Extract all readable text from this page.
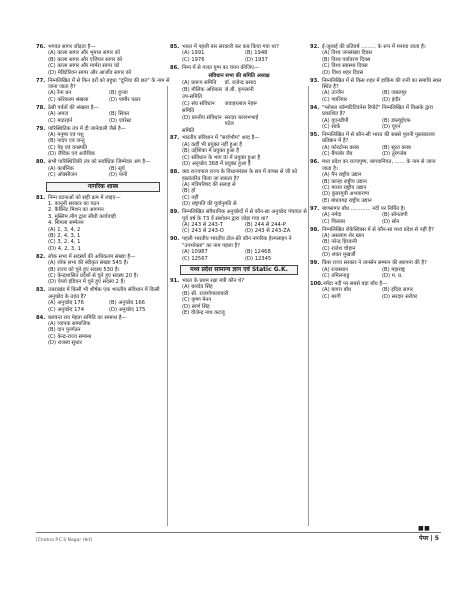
76. भगवत सागर जोड़ता है—
(A) काला सागर और भूमध्य सागर को
(B) काला सागर और एजियन सागर को
(C) काला सागर और मार्मरा सागर को
(D) मेडिटेरियन सागर और आर्जोव सागर को
77. निम्नलिखित में से किन दर्रो को बहुधा "दुनिया की छत" के नाम से जाना जाता है?
(A) रैना धन	(B) हुन्जा
(C) कोरेकरम श्रंखला	(D) पामीर पठार
78. ठेसी पर्वतों की श्रंखला है—
(A) अमज़	(B) सिकर
(C) माटरहर्न	(D) एवरेस्ट
79. पारिस्थितिक तंत्र में दी जानेवाली जैसे है—
(A) मनुष्य एवं पशु
(B) पादप एवं जन्तु
(C) पेड़ एवं वनस्पति
(D) जैविक एवं अजैविक
80. सभी पारिस्थितिकी तंत्र को सर्वाधिक जिम्मेदार अंग है—
(A) कार्बनिक	(B) सूर्य
(C) ऑक्सीजन	(D) पानी
नागरिक शास्त्र
81. निम्न घटनाओं को सही क्रम में लाइए—
1. कानूनी सरकार का गठन
2. कैबिनेट मिशन का आगमन
3. मुस्लिम लीग द्वारा सीधी कार्यवाही
4. शिमला सम्मेलन
(A) 1, 3, 4, 2
(B) 2, 4, 3, 1
(C) 3, 2, 4, 1
(D) 4, 2, 3, 1
82. लोक सभा में सदस्यों की अधिकतम संख्या है—
(A) लोक सभा की स्वीकृत संख्या 545 है।
(B) राज्य को चुने हुए सदस्य 530 है।
(C) केन्द्रशासित प्रदेशों से चुने हुए सदस्य 20 है।
(D) ऐग्लो इंडियन में चुने हुए सदस्य 2 हैं।
83. उत्तराखंड में किसी भी शीर्षक एक भारतीय संविधान में किसी अनुच्छेद के तहत है?
(A) अनुच्छेद 176	(B) अनुच्छेद 166
(C) अनुच्छेद 174	(D) अनुच्छेद 175
84. बलवन्त राय मेहता समिति का सम्बन्ध है—
(A) व्यापक सामाजिक
(B) दान पुनर्गठन
(C) केन्द्र-राज्य सम्बन्ध
(D) राजस्व सुधार
85. भारत में पहली बार सरकारी कर कब किया गया था?
(A) 1991	(B) 1948
(C) 1976	(D) 1937
86. निम्न में से गलत युग्म का चयन कीजिए—
संविधान सभा की समिति अध्यक्ष
(A) प्रारूप समिति	डॉ. राजेन्द्र प्रसाद
(B) मौलिक अधिकार जे.बी. कृपलानी
उप-समिति
(C) संघ संविधान	जवाहरलाल नेहरू
समिति
(D) प्रान्तीय संविधान सरदार बल्लभभाई पटेल
समिति
87. भारतीय संविधान में "सार्वभौम" शब्द है—
(A) कहीं भी प्रयुक्त नहीं हुआ है
(B) उद्देशिका में प्रयुक्त हुआ है
(C) संविधान के भाग III में प्रयुक्त हुआ है
(D) अनुच्छेद 368 में प्रयुक्त हुआ है
88. क्या राज्यपाल राज्य के विधानमंडल के सत्र में वापस से जी को हस्तांतरित किया जा सकता है?
(A) मंत्रिपरिषद की सलाह से
(B) हाँ
(C) नहीं
(D) राष्ट्रपति की पूर्वानुमति से
89. निम्नलिखित संवैधानिक अनुच्छेदों में से कौन-सा अनुच्छेद पंचायत से पूर्व वर्ष के 73 वें संशोधन द्वारा जोड़ा गया था?
(A) 243 से 243-T	(B) 244 से 244-P
(C) 243 से 243-O	(D) 243 से 243-ZA
90. पहली भारतीय भारतीय टोल-फ्री कौन नागरिक हेल्पलाइन ने "उपभोक्ता" का नाम पहला है?
(A) 10987	(B) 12468
(C) 12567	(D) 12345
मध्य प्रदेश सामान्य ज्ञान एवं Static G.K.
91. भारत के प्रथम रक्षा मंत्री कौन थे?
(A) बलदेव सिंह
(B) सी. राजगोपालाचारी
(C) कृष्ण मेनन
(D) स्वर्ण सिंह
(E) वीजेन्द्र नाथ कटजू
92. ई-जुलाई की प्रतिवर्ष ......... के रूप में मनाया जाता है।
(A) विश्व जनसंख्या दिवस
(B) विश्व पर्यावरण दिवस
(C) विश्व स्वास्थ्य दिवस
(D) विश्व शहर दिवस
93. निम्नलिखित में से किस शहर में हाकिम की रानी का समाधि स्थल स्थित है?
(A) उज्जैन	(B) जबलपुर
(C) ग्वालियर	(D) इंदौर
94. "ग्लोबल कॉम्पटिटिवनेस रिपोर्ट" निम्नलिखित में किसके द्वारा प्रकाशित है?
(A) यूएनडीपी	(B) डब्ल्यूईएफ
(C) सार्क	(D) यूएन
95. निम्नलिखित में से कौन-सी भारत की सबसे पुरानी पुस्तकालय प्रतिष्ठान में है?
(A) फोरटोन्स क्लब	(B) सूरत क्लब
(C) बैंगलोर जैव	(D) तुरंगजेब
96. मध्य प्रदेश का राज्यपुष्प, बागवानियत, ...... के नाम से जाना जाता है।
(A) पैन राष्ट्रीय उद्यान
(B) कान्हा राष्ट्रीय उद्यान
(C) माधव राष्ट्रीय उद्यान
(D) कुंवरपुत्री अभयारण्य
(E) बांधवगढ़ राष्ट्रीय उद्यान
97. बाणसागर बाँध ............ नदी पर निर्मित है।
(A) नर्मदा	(B) सोनतापी
(C) चिल्लार	(D) सोन
98. निम्नलिखित रोकेस्विक्स में से कौन-सा मध्य प्रदेश से नहीं है?
(A) असलाम शेर खान
(B) नरेन्द्र हिरवानी
(C) राजेश चौहान
(D) शंकर मुखर्जी
99. किस राज्य सरकार ने तानसेन सम्मान की स्थापना की है?
(A) राजस्थान	(B) महाराष्ट्र
(C) तमिलनाडु	(D) म. प्र.
100. नर्मदा नदी पर सबसे बड़ा बाँध है—
(A) बागरा बाँध	(B) इंदिरा सागर
(C) बरगी	(D) सरदार सरोवर
■■
[Chetna P.C.S Nagar Hkt]	पेपर | 5
